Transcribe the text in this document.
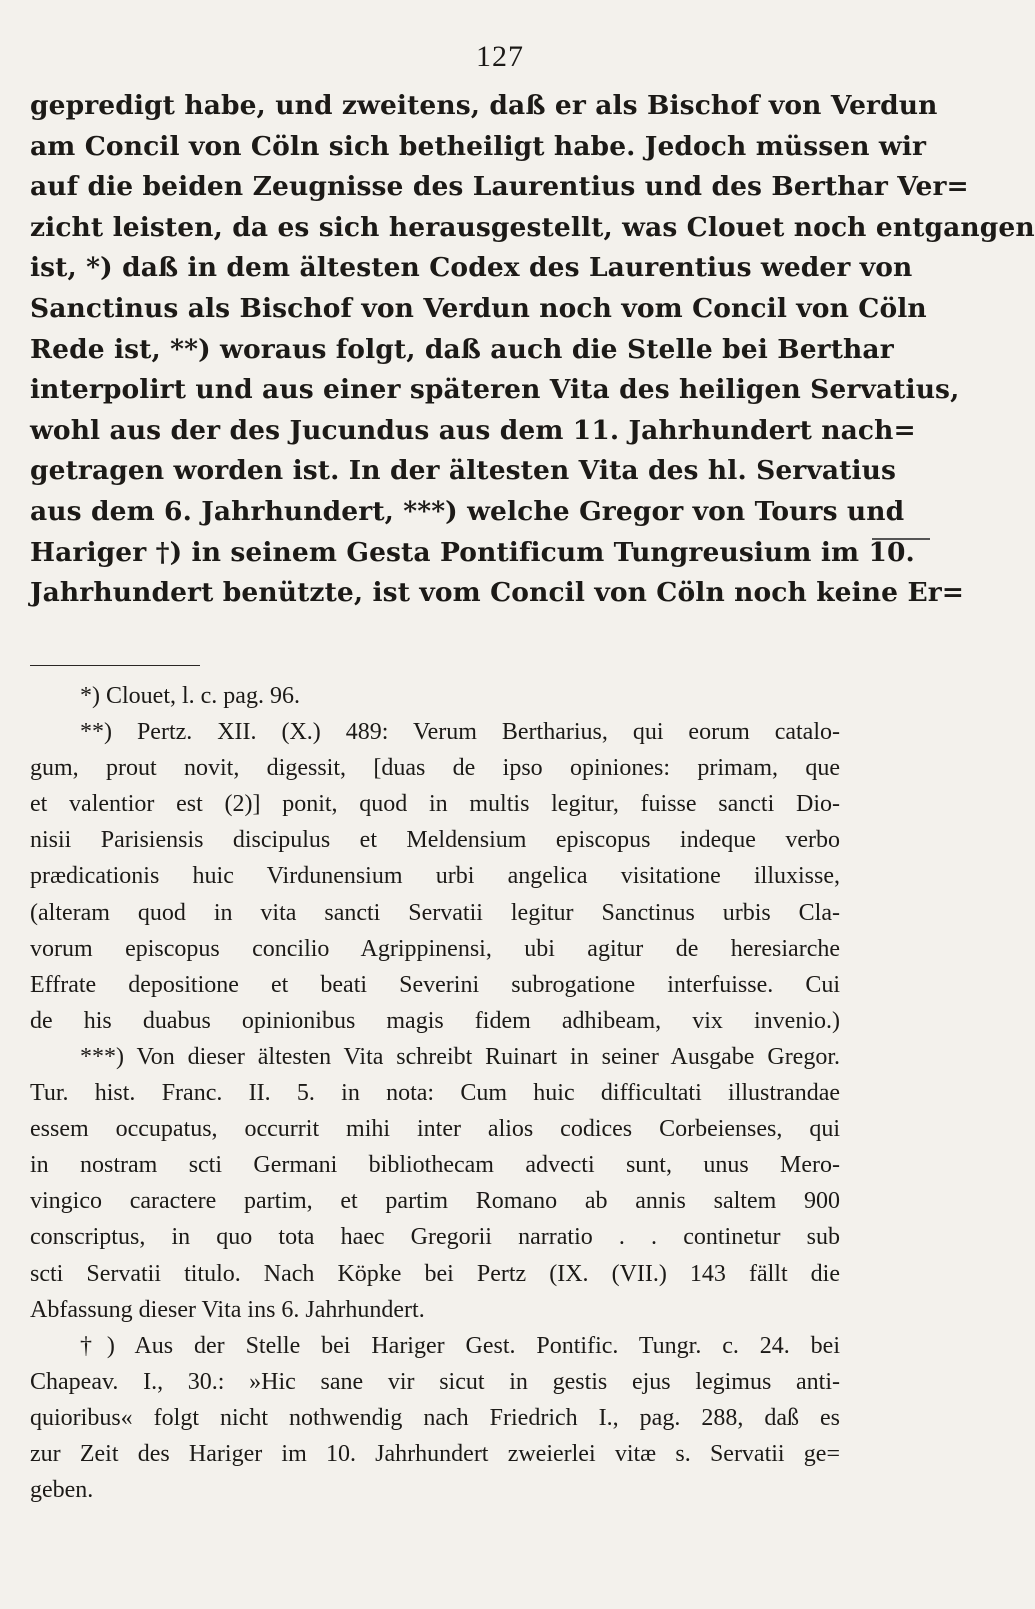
127
gepredigt habe, und zweitens, daß er als Bischof von Verdun
am Concil von Cöln sich betheiligt habe. Jedoch müssen wir
auf die beiden Zeugnisse des Laurentius und des Berthar Ver=
zicht leisten, da es sich herausgestellt, was Clouet noch entgangen
ist, *) daß in dem ältesten Codex des Laurentius weder von
Sanctinus als Bischof von Verdun noch vom Concil von Cöln
Rede ist, **) woraus folgt, daß auch die Stelle bei Berthar
interpolirt und aus einer späteren Vita des heiligen Servatius,
wohl aus der des Jucundus aus dem 11. Jahrhundert nach=
getragen worden ist. In der ältesten Vita des hl. Servatius
aus dem 6. Jahrhundert, ***) welche Gregor von Tours und
Hariger †) in seinem Gesta Pontificum Tungreusium im 10.
Jahrhundert benützte, ist vom Concil von Cöln noch keine Er=
*) Clouet, l. c. pag. 96.
**) Pertz. XII. (X.) 489: Verum Bertharius, qui eorum catalo-
gum, prout novit, digessit, [duas de ipso opiniones: primam, que
et valentior est (2)] ponit, quod in multis legitur, fuisse sancti Dio-
nisii Parisiensis discipulus et Meldensium episcopus indeque verbo
prædicationis huic Virdunensium urbi angelica visitatione illuxisse,
(alteram quod in vita sancti Servatii legitur Sanctinus urbis Cla-
vorum episcopus concilio Agrippinensi, ubi agitur de heresiarche
Effrate depositione et beati Severini subrogatione interfuisse. Cui
de his duabus opinionibus magis fidem adhibeam, vix invenio.)
***) Von dieser ältesten Vita schreibt Ruinart in seiner Ausgabe Gregor.
Tur. hist. Franc. II. 5. in nota: Cum huic difficultati illustrandae
essem occupatus, occurrit mihi inter alios codices Corbeienses, qui
in nostram scti Germani bibliothecam advecti sunt, unus Mero-
vingico caractere partim, et partim Romano ab annis saltem 900
conscriptus, in quo tota haec Gregorii narratio . . continetur sub
scti Servatii titulo. Nach Köpke bei Pertz (IX. (VII.) 143 fällt die
Abfassung dieser Vita ins 6. Jahrhundert.
†) Aus der Stelle bei Hariger Gest. Pontific. Tungr. c. 24. bei
Chapeav. I., 30.: »Hic sane vir sicut in gestis ejus legimus anti-
quioribus« folgt nicht nothwendig nach Friedrich I., pag. 288, daß es
zur Zeit des Hariger im 10. Jahrhundert zweierlei vitæ s. Servatii ge=
geben.
